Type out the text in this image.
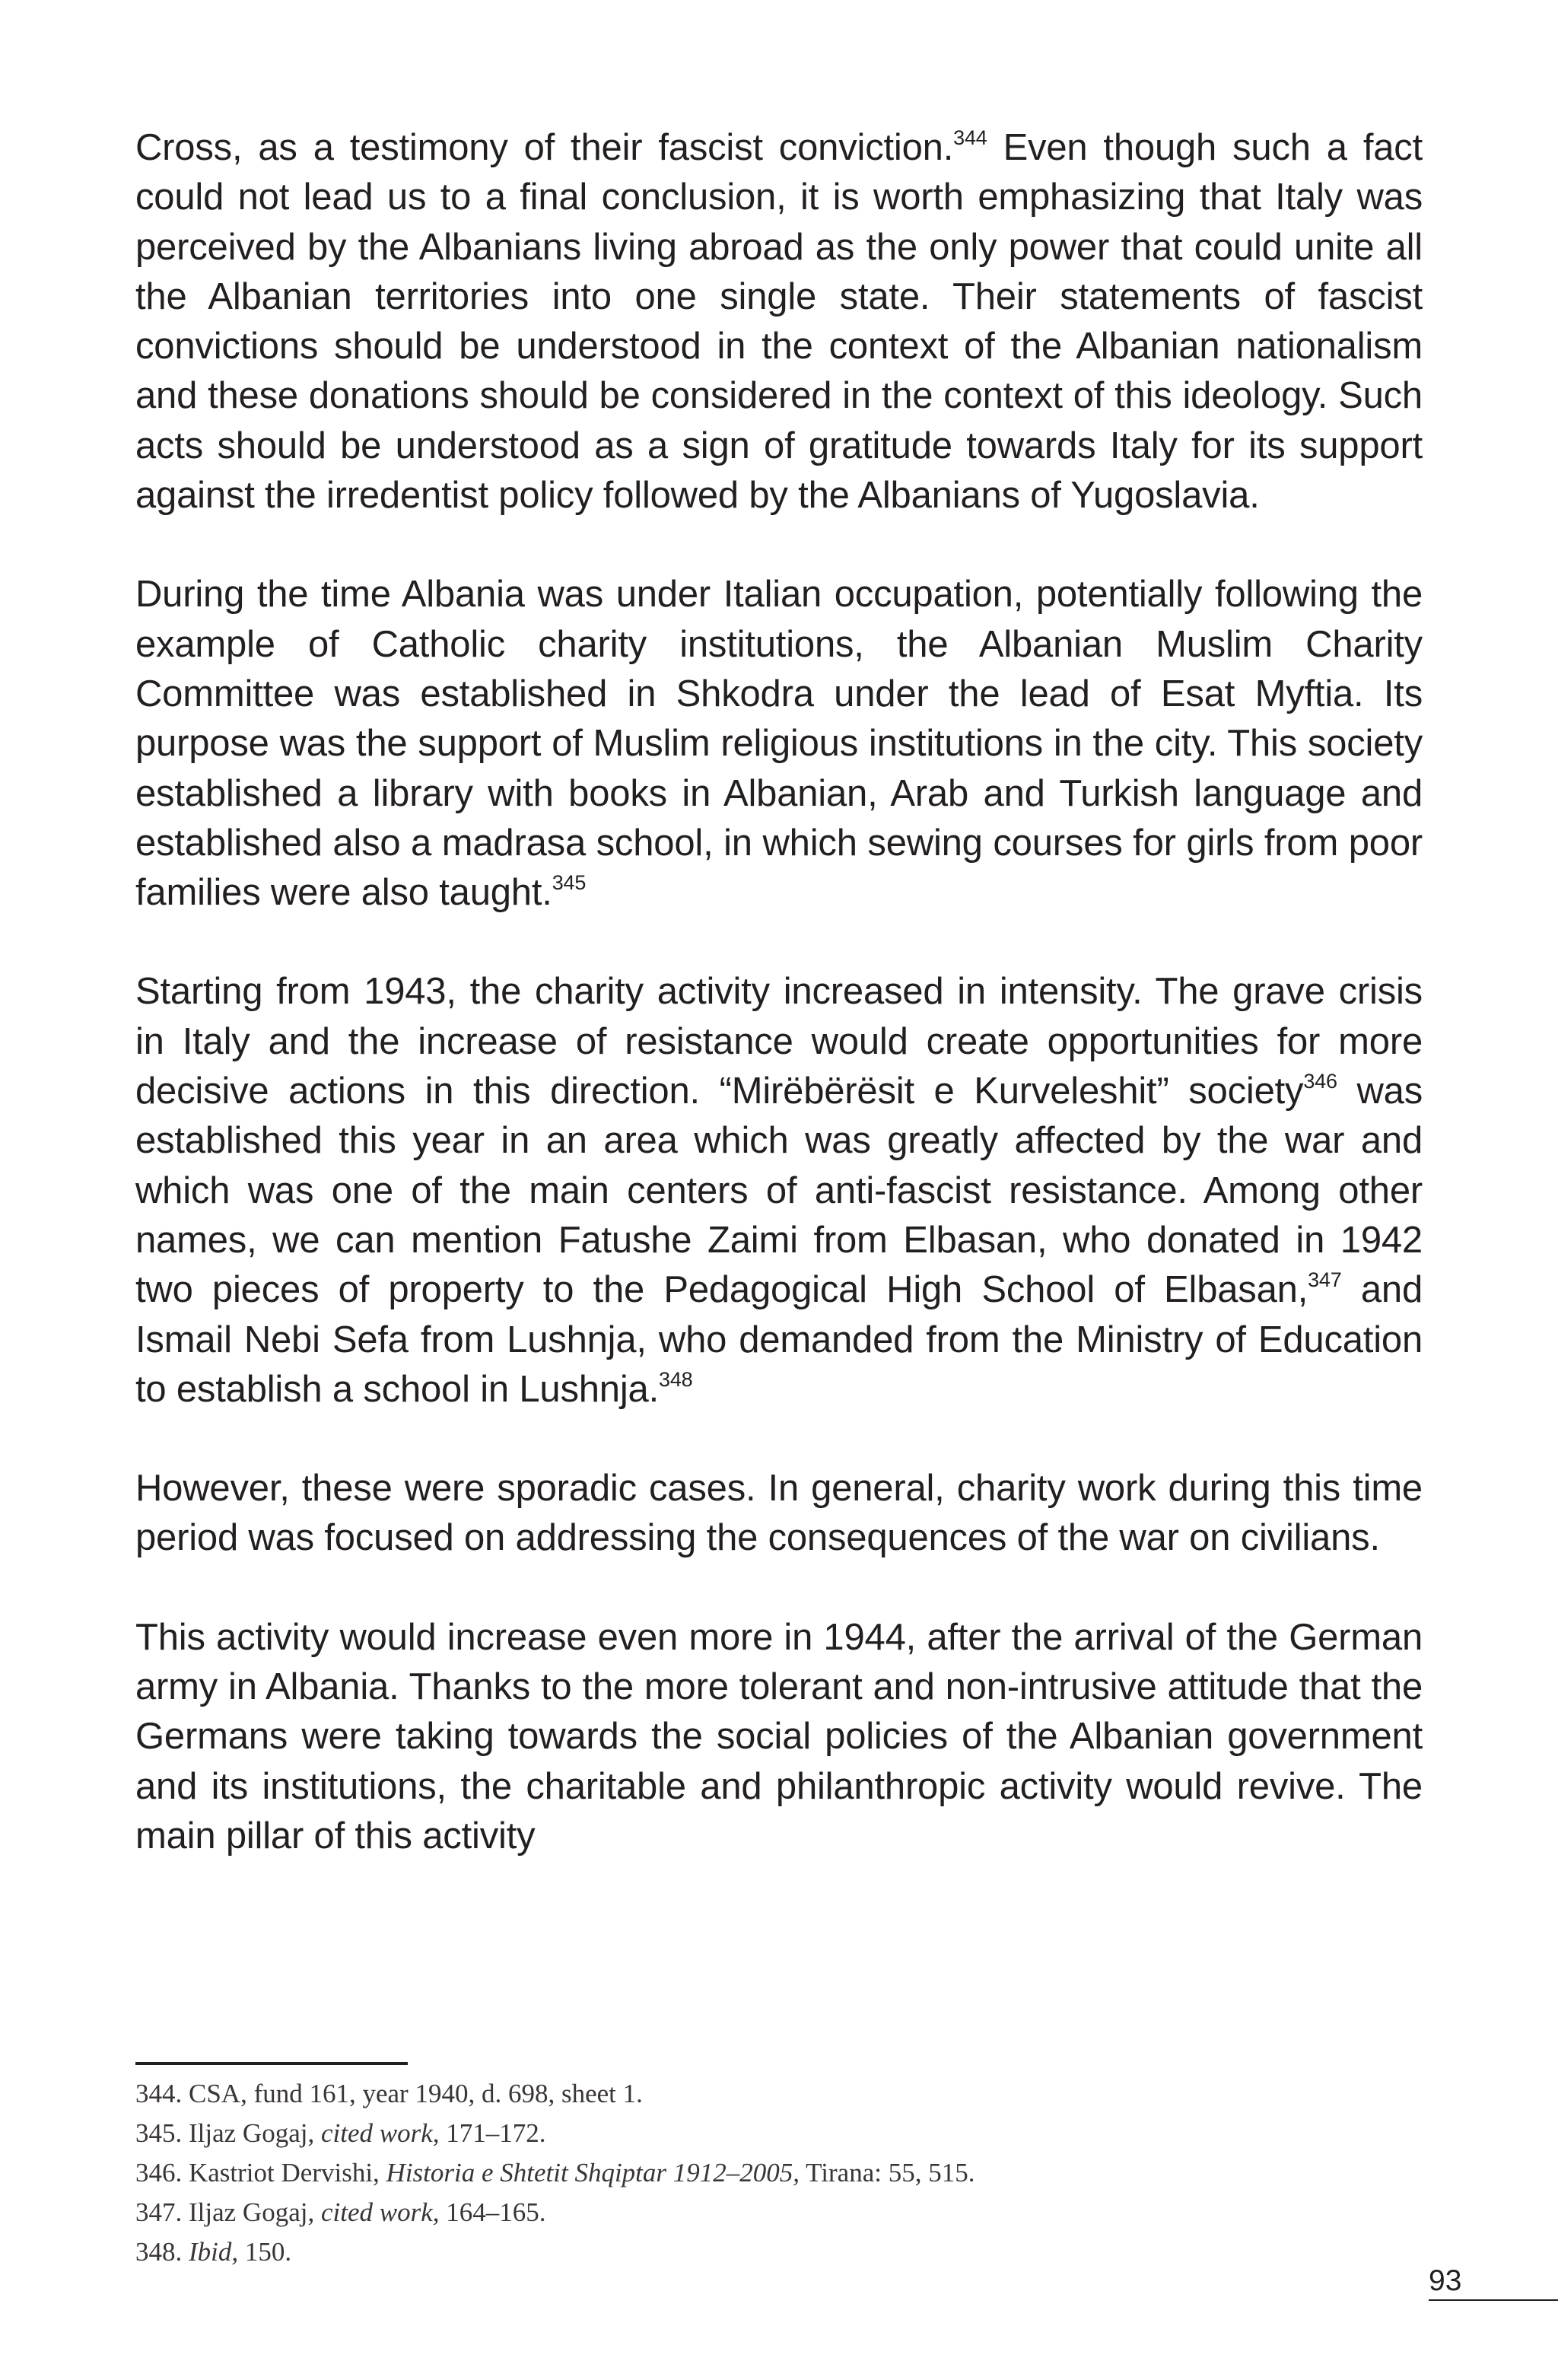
Cross, as a testimony of their fascist conviction.$^{344}$ Even though such a fact could not lead us to a final conclusion, it is worth emphasizing that Italy was perceived by the Albanians living abroad as the only power that could unite all the Albanian territories into one single state. Their statements of fascist convictions should be understood in the context of the Albanian nationalism and these donations should be considered in the context of this ideology. Such acts should be understood as a sign of gratitude towards Italy for its support against the irredentist policy followed by the Albanians of Yugoslavia.

During the time Albania was under Italian occupation, potentially following the example of Catholic charity institutions, the Albanian Muslim Charity Committee was established in Shkodra under the lead of Esat Myftia. Its purpose was the support of Muslim religious institutions in the city. This society established a library with books in Albanian, Arab and Turkish language and established also a madrasa school, in which sewing courses for girls from poor families were also taught.$^{345}$

Starting from 1943, the charity activity increased in intensity. The grave crisis in Italy and the increase of resistance would create opportunities for more decisive actions in this direction. “Mirëbërësit e Kurveleshit” society$^{346}$ was established this year in an area which was greatly affected by the war and which was one of the main centers of anti-fascist resistance. Among other names, we can mention Fatushe Zaimi from Elbasan, who donated in 1942 two pieces of property to the Pedagogical High School of Elbasan,$^{347}$ and Ismail Nebi Sefa from Lushnja, who demanded from the Ministry of Education to establish a school in Lushnja.$^{348}$

However, these were sporadic cases. In general, charity work during this time period was focused on addressing the consequences of the war on civilians.

This activity would increase even more in 1944, after the arrival of the German army in Albania. Thanks to the more tolerant and non-intrusive attitude that the Germans were taking towards the social policies of the Albanian government and its institutions, the charitable and philanthropic activity would revive. The main pillar of this activity

344. CSA, fund 161, year 1940, d. 698, sheet 1.

345. Iljaz Gogaj, cited work, 171–172.

346. Kastriot Dervishi, Historia e Shtetit Shqiptar 1912–2005, Tirana: 55, 515.

347. Iljaz Gogaj, cited work, 164–165.

348. Ibid, 150.

93
